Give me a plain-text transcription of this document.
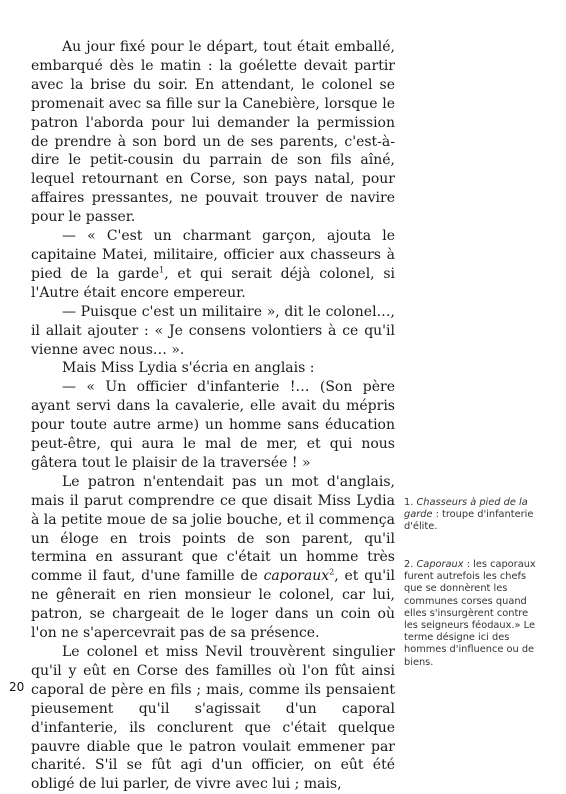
Au jour fixé pour le départ, tout était emballé, embarqué dès le matin : la goélette devait partir avec la brise du soir. En attendant, le colonel se promenait avec sa fille sur la Canebière, lorsque le patron l'aborda pour lui demander la permission de prendre à son bord un de ses parents, c'est-à-dire le petit-cousin du parrain de son fils aîné, lequel retournant en Corse, son pays natal, pour affaires pressantes, ne pouvait trouver de navire pour le passer.

— « C'est un charmant garçon, ajouta le capitaine Matei, militaire, officier aux chasseurs à pied de la garde$^1$, et qui serait déjà colonel, si l'Autre était encore empereur.

— Puisque c'est un militaire », dit le colonel…, il allait ajouter : « Je consens volontiers à ce qu'il vienne avec nous… ».

Mais Miss Lydia s'écria en anglais :

— « Un officier d'infanterie !… (Son père ayant servi dans la cavalerie, elle avait du mépris pour toute autre arme) un homme sans éducation peut-être, qui aura le mal de mer, et qui nous gâtera tout le plaisir de la traversée ! »

Le patron n'entendait pas un mot d'anglais, mais il parut comprendre ce que disait Miss Lydia à la petite moue de sa jolie bouche, et il commença un éloge en trois points de son parent, qu'il termina en assurant que c'était un homme très comme il faut, d'une famille de caporaux$^2$, et qu'il ne gênerait en rien monsieur le colonel, car lui, patron, se chargeait de le loger dans un coin où l'on ne s'apercevrait pas de sa présence.

Le colonel et miss Nevil trouvèrent singulier qu'il y eût en Corse des familles où l'on fût ainsi caporal de père en fils ; mais, comme ils pensaient pieusement qu'il s'agissait d'un caporal d'infanterie, ils conclurent que c'était quelque pauvre diable que le patron voulait emmener par charité. S'il se fût agi d'un officier, on eût été obligé de lui parler, de vivre avec lui ; mais,

1. Chasseurs à pied de la garde : troupe d'infanterie d'élite.

2. Caporaux : les caporaux furent autrefois les chefs que se donnèrent les communes corses quand elles s'insurgèrent contre les seigneurs féodaux.» Le terme désigne ici des hommes d'influence ou de biens.

20
